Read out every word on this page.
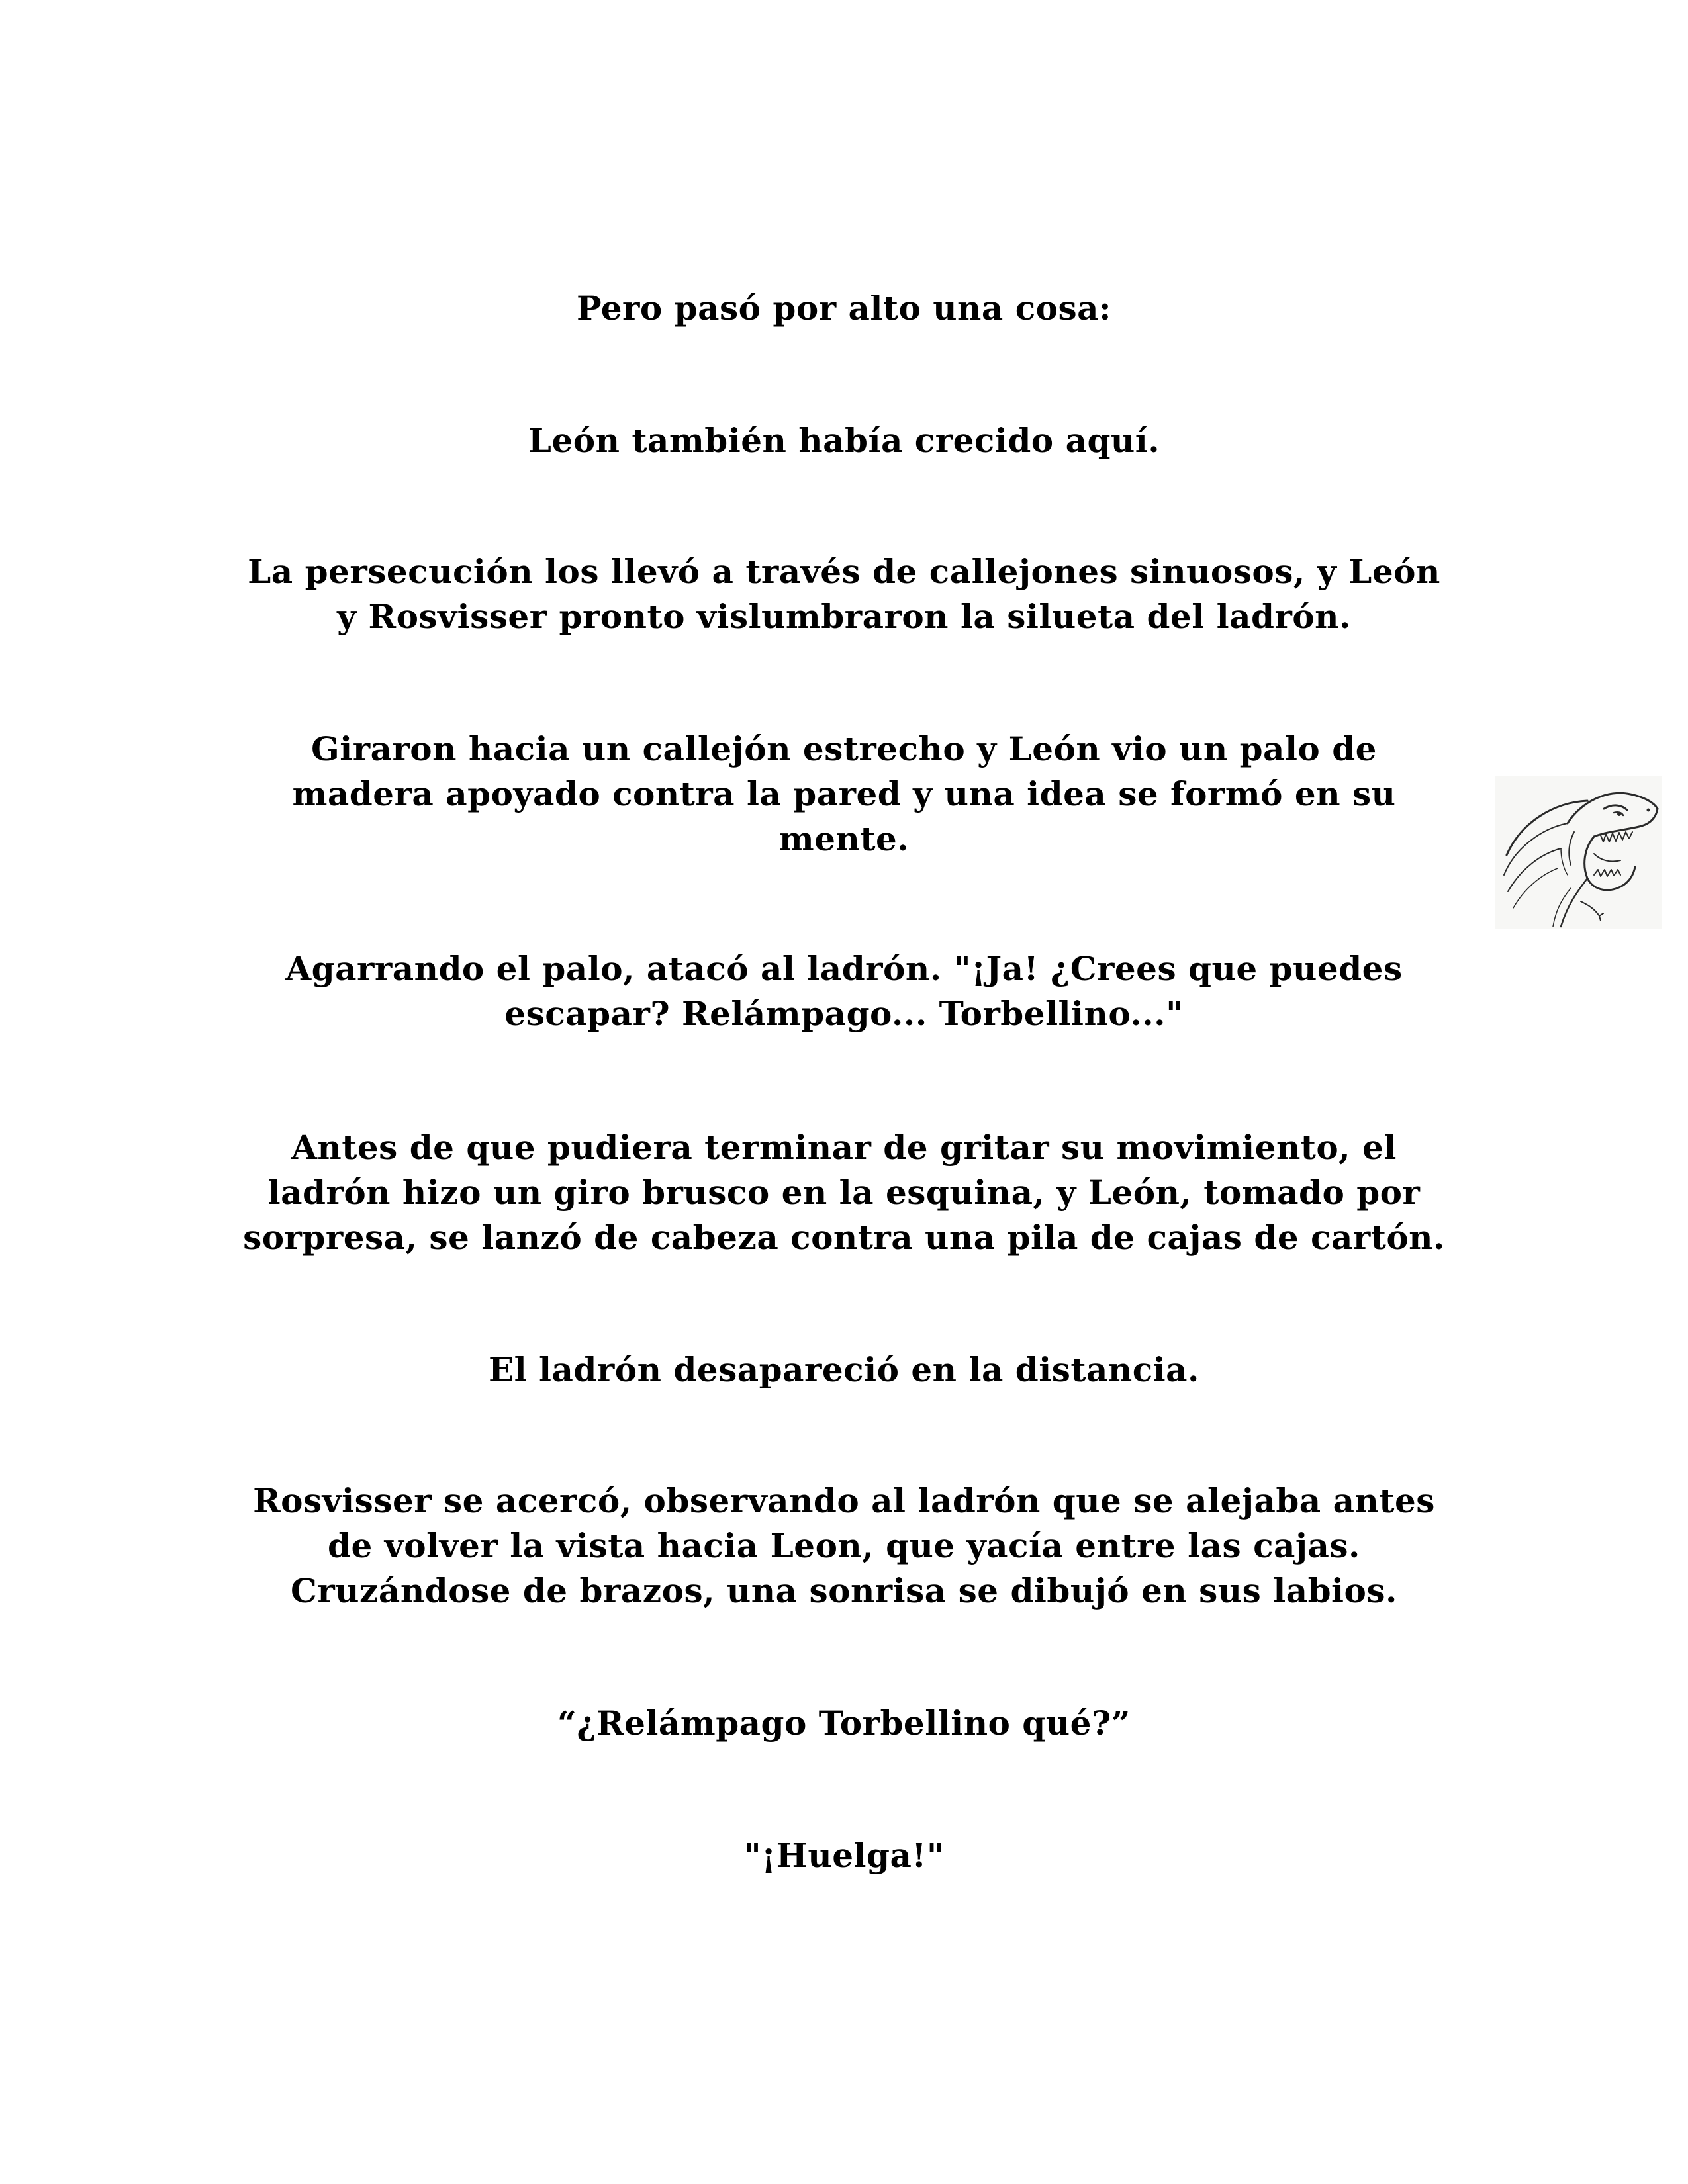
Pero pasó por alto una cosa:

León también había crecido aquí.

La persecución los llevó a través de callejones sinuosos, y León
y Rosvisser pronto vislumbraron la silueta del ladrón.

Giraron hacia un callejón estrecho y León vio un palo de
madera apoyado contra la pared y una idea se formó en su
mente.

Agarrando el palo, atacó al ladrón. "¡Ja! ¿Crees que puedes
escapar? Relámpago... Torbellino..."

Antes de que pudiera terminar de gritar su movimiento, el
ladrón hizo un giro brusco en la esquina, y León, tomado por
sorpresa, se lanzó de cabeza contra una pila de cajas de cartón.

El ladrón desapareció en la distancia.

Rosvisser se acercó, observando al ladrón que se alejaba antes
de volver la vista hacia Leon, que yacía entre las cajas.
Cruzándose de brazos, una sonrisa se dibujó en sus labios.

“¿Relámpago Torbellino qué?”

"¡Huelga!"
